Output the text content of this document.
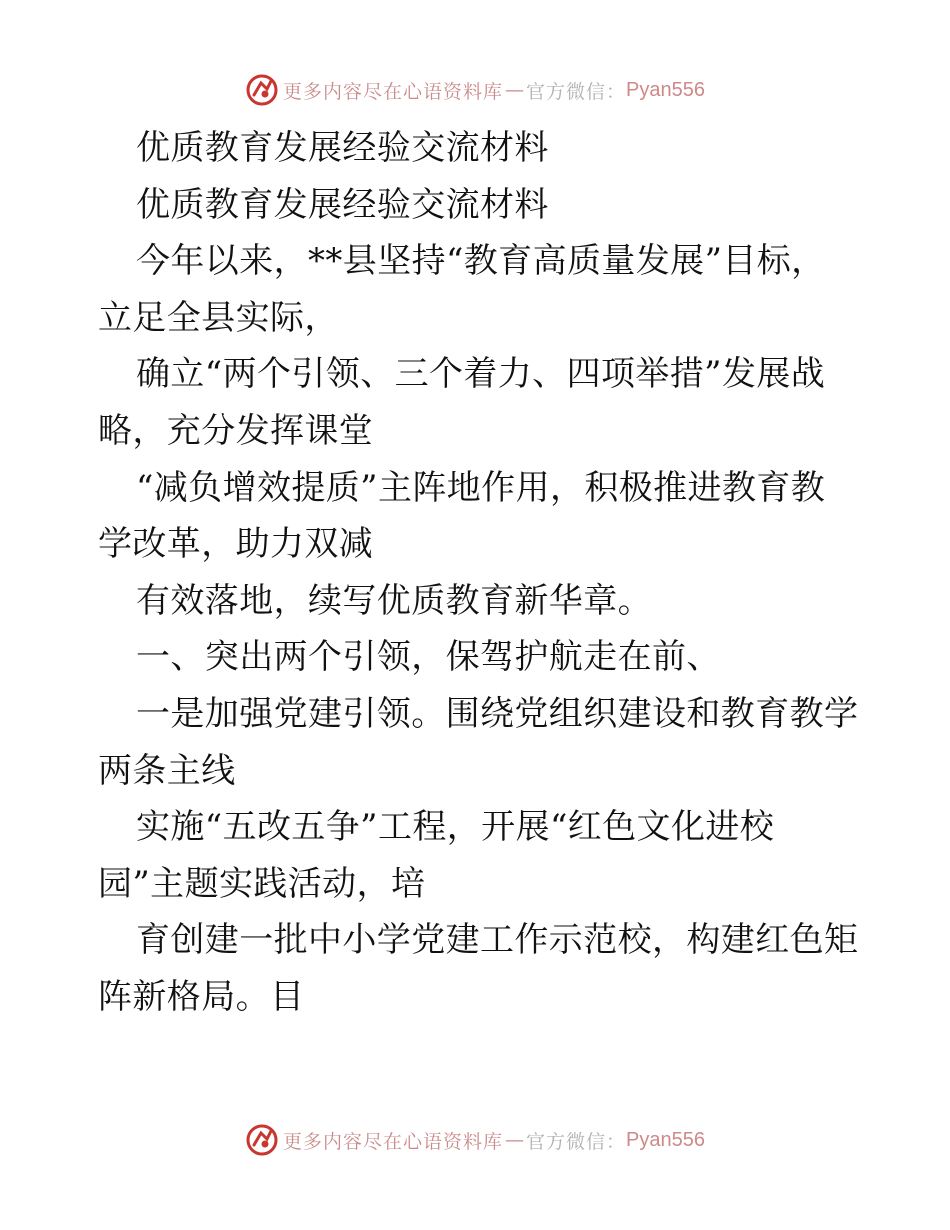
更多内容尽在心语资料库 — 官方微信： Pyan556
优质教育发展经验交流材料
优质教育发展经验交流材料
今年以来，**县坚持“教育高质量发展”目标，
立足全县实际，
确立“两个引领、三个着力、四项举措”发展战
略，充分发挥课堂
“减负增效提质”主阵地作用，积极推进教育教
学改革，助力双减
有效落地，续写优质教育新华章。
一、突出两个引领，保驾护航走在前、
一是加强党建引领。围绕党组织建设和教育教学
两条主线
实施“五改五争”工程，开展“红色文化进校
园”主题实践活动，培
育创建一批中小学党建工作示范校，构建红色矩
阵新格局。目
更多内容尽在心语资料库 — 官方微信： Pyan556
